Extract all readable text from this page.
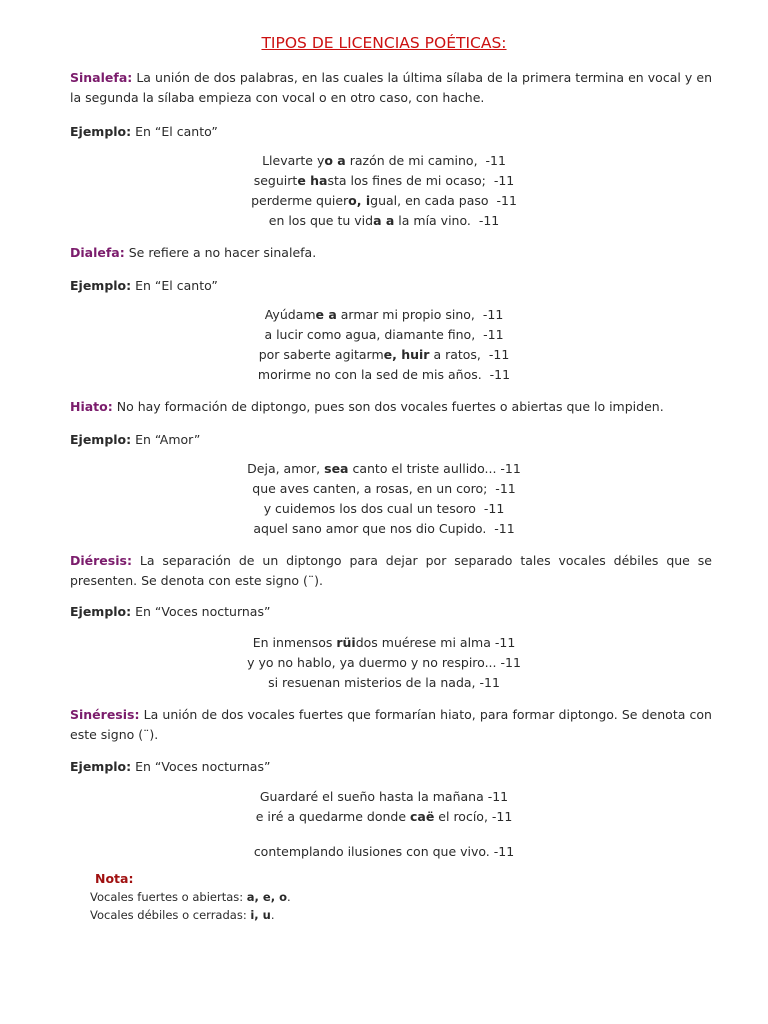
TIPOS DE LICENCIAS POÉTICAS:
Sinalefa: La unión de dos palabras, en las cuales la última sílaba de la primera termina en vocal y en la segunda la sílaba empieza con vocal o en otro caso, con hache.
Ejemplo: En “El canto”
Llevarte yo a razón de mi camino,  -11
seguirte hasta los fines de mi ocaso;  -11
perderme quiero, igual, en cada paso  -11
en los que tu vida a la mía vino.  -11
Dialefa: Se refiere a no hacer sinalefa.
Ejemplo: En “El canto”
Ayúdame a armar mi propio sino,  -11
a lucir como agua, diamante fino,  -11
por saberte agitarme, huir a ratos,  -11
morirme no con la sed de mis años.  -11
Hiato: No hay formación de diptongo, pues son dos vocales fuertes o abiertas que lo impiden.
Ejemplo: En “Amor”
Deja, amor, sea canto el triste aullido... -11
que aves canten, a rosas, en un coro;  -11
y cuidemos los dos cual un tesoro  -11
aquel sano amor que nos dio Cupido.  -11
Diéresis: La separación de un diptongo para dejar por separado tales vocales débiles que se presenten. Se denota con este signo (¨).
Ejemplo: En “Voces nocturnas”
En inmensos rüidos muérese mi alma -11
y yo no hablo, ya duermo y no respiro... -11
si resuenan misterios de la nada, -11
Sinéresis: La unión de dos vocales fuertes que formarían hiato, para formar diptongo. Se denota con este signo (¨).
Ejemplo: En “Voces nocturnas”
Guardaré el sueño hasta la mañana -11
e iré a quedarme donde caë el rocío, -11
contemplando ilusiones con que vivo. -11
Nota:
Vocales fuertes o abiertas: a, e, o.
Vocales débiles o cerradas: i, u.
